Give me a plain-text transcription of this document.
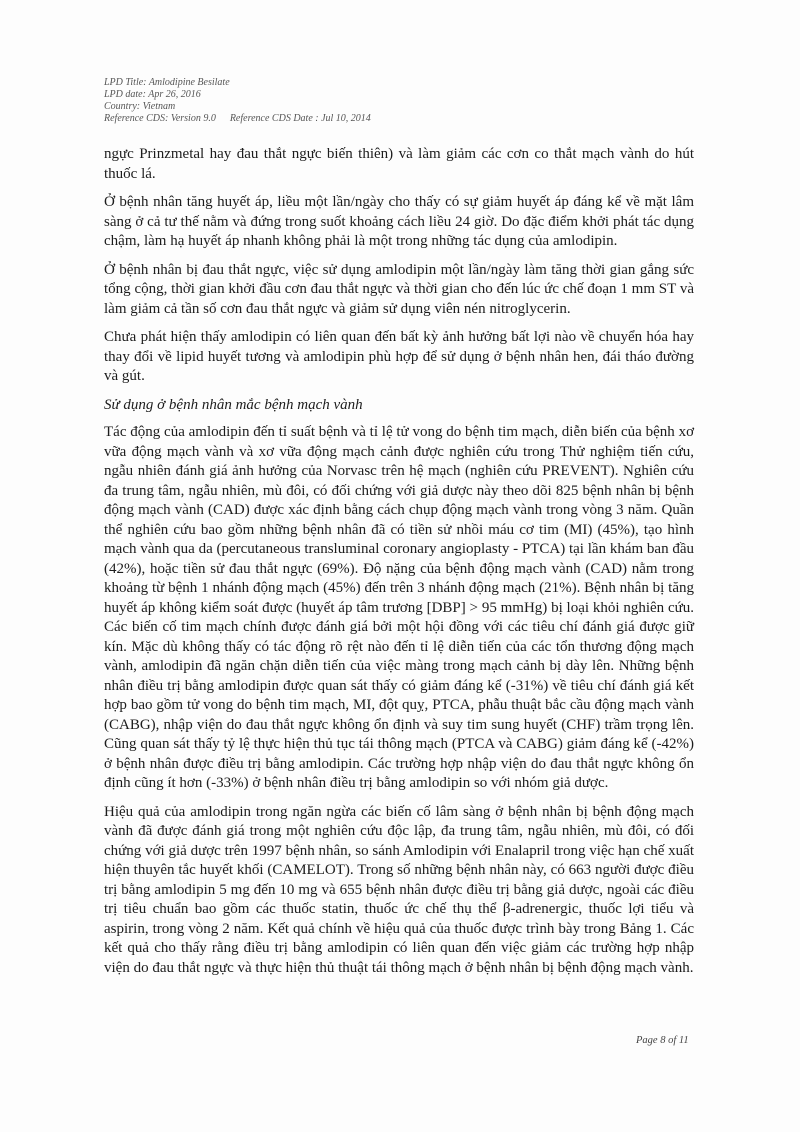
LPD Title: Amlodipine Besilate
LPD date: Apr 26, 2016
Country: Vietnam
Reference CDS: Version 9.0 Reference CDS Date : Jul 10, 2014

ngực Prinzmetal hay đau thắt ngực biến thiên) và làm giảm các cơn co thắt mạch vành do hút thuốc lá.

Ở bệnh nhân tăng huyết áp, liều một lần/ngày cho thấy có sự giảm huyết áp đáng kể về mặt lâm sàng ở cả tư thế nằm và đứng trong suốt khoảng cách liều 24 giờ. Do đặc điểm khởi phát tác dụng chậm, làm hạ huyết áp nhanh không phải là một trong những tác dụng của amlodipin.

Ở bệnh nhân bị đau thắt ngực, việc sử dụng amlodipin một lần/ngày làm tăng thời gian gắng sức tổng cộng, thời gian khởi đầu cơn đau thắt ngực và thời gian cho đến lúc ức chế đoạn 1 mm ST và làm giảm cả tần số cơn đau thắt ngực và giảm sử dụng viên nén nitroglycerin.

Chưa phát hiện thấy amlodipin có liên quan đến bất kỳ ảnh hưởng bất lợi nào về chuyển hóa hay thay đổi về lipid huyết tương và amlodipin phù hợp để sử dụng ở bệnh nhân hen, đái tháo đường và gút.

Sử dụng ở bệnh nhân mắc bệnh mạch vành

Tác động của amlodipin đến tỉ suất bệnh và tỉ lệ tử vong do bệnh tim mạch, diễn biến của bệnh xơ vữa động mạch vành và xơ vữa động mạch cảnh được nghiên cứu trong Thử nghiệm tiến cứu, ngẫu nhiên đánh giá ảnh hưởng của Norvasc trên hệ mạch (nghiên cứu PREVENT). Nghiên cứu đa trung tâm, ngẫu nhiên, mù đôi, có đối chứng với giả dược này theo dõi 825 bệnh nhân bị bệnh động mạch vành (CAD) được xác định bằng cách chụp động mạch vành trong vòng 3 năm. Quần thể nghiên cứu bao gồm những bệnh nhân đã có tiền sử nhồi máu cơ tim (MI) (45%), tạo hình mạch vành qua da (percutaneous transluminal coronary angioplasty - PTCA) tại lần khám ban đầu (42%), hoặc tiền sử đau thắt ngực (69%). Độ nặng của bệnh động mạch vành (CAD) nằm trong khoảng từ bệnh 1 nhánh động mạch (45%) đến trên 3 nhánh động mạch (21%). Bệnh nhân bị tăng huyết áp không kiểm soát được (huyết áp tâm trương [DBP] > 95 mmHg) bị loại khỏi nghiên cứu. Các biến cố tim mạch chính được đánh giá bởi một hội đồng với các tiêu chí đánh giá được giữ kín. Mặc dù không thấy có tác động rõ rệt nào đến tỉ lệ diễn tiến của các tổn thương động mạch vành, amlodipin đã ngăn chặn diễn tiến của việc màng trong mạch cảnh bị dày lên. Những bệnh nhân điều trị bằng amlodipin được quan sát thấy có giảm đáng kể (-31%) về tiêu chí đánh giá kết hợp bao gồm tử vong do bệnh tim mạch, MI, đột quỵ, PTCA, phẫu thuật bắc cầu động mạch vành (CABG), nhập viện do đau thắt ngực không ổn định và suy tim sung huyết (CHF) trầm trọng lên. Cũng quan sát thấy tỷ lệ thực hiện thủ tục tái thông mạch (PTCA và CABG) giảm đáng kể (-42%) ở bệnh nhân được điều trị bằng amlodipin. Các trường hợp nhập viện do đau thắt ngực không ổn định cũng ít hơn (-33%) ở bệnh nhân điều trị bằng amlodipin so với nhóm giả dược.

Hiệu quả của amlodipin trong ngăn ngừa các biến cố lâm sàng ở bệnh nhân bị bệnh động mạch vành đã được đánh giá trong một nghiên cứu độc lập, đa trung tâm, ngẫu nhiên, mù đôi, có đối chứng với giả dược trên 1997 bệnh nhân, so sánh Amlodipin với Enalapril trong việc hạn chế xuất hiện thuyên tắc huyết khối (CAMELOT). Trong số những bệnh nhân này, có 663 người được điều trị bằng amlodipin 5 mg đến 10 mg và 655 bệnh nhân được điều trị bằng giả dược, ngoài các điều trị tiêu chuẩn bao gồm các thuốc statin, thuốc ức chế thụ thể β-adrenergic, thuốc lợi tiểu và aspirin, trong vòng 2 năm. Kết quả chính về hiệu quả của thuốc được trình bày trong Bảng 1. Các kết quả cho thấy rằng điều trị bằng amlodipin có liên quan đến việc giảm các trường hợp nhập viện do đau thắt ngực và thực hiện thủ thuật tái thông mạch ở bệnh nhân bị bệnh động mạch vành.

Page 8 of 11
